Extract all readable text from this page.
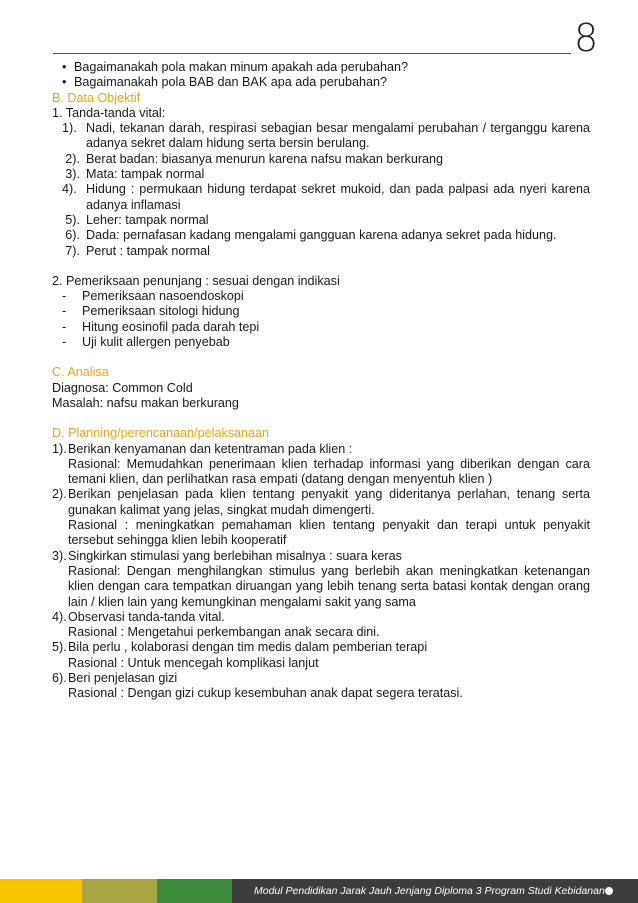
8

• Bagaimanakah pola makan minum apakah ada perubahan?

• Bagaimanakah pola BAB dan BAK apa ada perubahan?

B. Data Objektif

1. Tanda-tanda vital:

1). Nadi, tekanan darah, respirasi sebagian besar mengalami perubahan / terganggu karena adanya sekret dalam hidung serta bersin berulang.
2). Berat badan: biasanya menurun karena nafsu makan berkurang
3). Mata: tampak normal
4). Hidung : permukaan hidung terdapat sekret mukoid, dan pada palpasi ada nyeri karena adanya inflamasi
5). Leher: tampak normal
6). Dada: pernafasan kadang mengalami gangguan karena adanya sekret pada hidung.
7). Perut : tampak normal

2. Pemeriksaan penunjang : sesuai dengan indikasi

-	Pemeriksaan nasoendoskopi
-	Pemeriksaan sitologi hidung
-	Hitung eosinofil pada darah tepi
-	Uji kulit allergen penyebab

C. Analisa

Diagnosa: Common Cold

Masalah: nafsu makan berkurang

D. Planning/perencanaan/pelaksanaan

1). Berikan kenyamanan dan ketentraman pada klien :

Rasional: Memudahkan penerimaan klien terhadap informasi yang diberikan dengan cara temani klien, dan perlihatkan rasa empati (datang dengan menyentuh klien )

2). Berikan penjelasan pada klien tentang penyakit yang dideritanya perlahan, tenang serta gunakan kalimat yang jelas, singkat mudah dimengerti.

Rasional : meningkatkan pemahaman klien tentang penyakit dan terapi untuk penyakit tersebut sehingga klien lebih kooperatif

3). Singkirkan stimulasi yang berlebihan misalnya : suara keras

Rasional: Dengan menghilangkan stimulus yang berlebih akan meningkatkan ketenangan klien dengan cara tempatkan diruangan yang lebih tenang serta batasi kontak dengan orang lain / klien lain yang kemungkinan mengalami sakit yang sama

4). Observasi tanda-tanda vital.

Rasional : Mengetahui perkembangan anak secara dini.

5). Bila perlu , kolaborasi dengan tim medis dalam pemberian terapi

Rasional : Untuk mencegah komplikasi lanjut

6). Beri penjelasan gizi

Rasional : Dengan gizi cukup kesembuhan anak dapat segera teratasi.

Modul Pendidikan Jarak Jauh Jenjang Diploma 3 Program Studi Kebidanan
